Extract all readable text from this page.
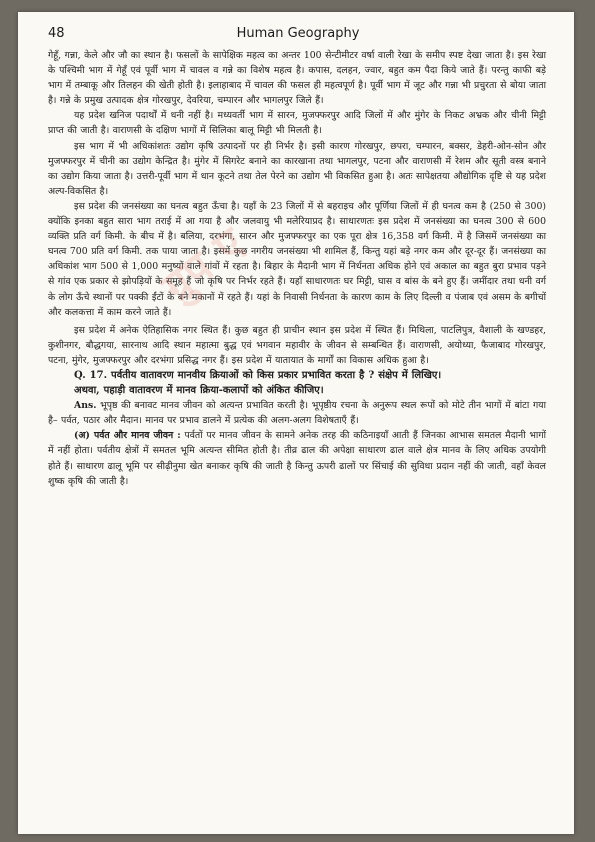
48	Human Geography

गेहूँ, गन्ना, केले और जौ का स्थान है। फसलों के सापेक्षिक महत्व का अन्तर 100 सेन्टीमीटर वर्षा वाली रेखा के समीप स्पष्ट देखा जाता है। इस रेखा के पश्चिमी भाग में गेहूँ एवं पूर्वी भाग में चावल व गन्ने का विशेष महत्व है। कपास, दलहन, ज्वार, बहुत कम पैदा किये जाते हैं। परन्तु काफी बड़े भाग में तम्बाकू और तिलहन की खेती होती है। इलाहाबाद में चावल की फसल ही महत्वपूर्ण है। पूर्वी भाग में जूट और गन्ना भी प्रचुरता से बोया जाता है। गन्ने के प्रमुख उत्पादक क्षेत्र गोरखपुर, देवरिया, चम्पारन और भागलपुर जिले हैं।

यह प्रदेश खनिज पदार्थों में धनी नहीं है। मध्यवर्ती भाग में सारन, मुजफ्फरपुर आदि जिलों में और मुंगेर के निकट अभ्रक और चीनी मिट्टी प्राप्त की जाती है। वाराणसी के दक्षिण भागों में सिलिका बालू मिट्टी भी मिलती है।

इस भाग में भी अधिकांशतः उद्योग कृषि उत्पादनों पर ही निर्भर है। इसी कारण गोरखपुर, छपरा, चम्पारन, बक्सर, डेहरी-ओन-सोन और मुजफ्फरपुर में चीनी का उद्योग केन्द्रित है। मुंगेर में सिगरेट बनाने का कारखाना तथा भागलपुर, पटना और वाराणसी में रेशम और सूती वस्त्र बनाने का उद्योग किया जाता है। उत्तरी-पूर्वी भाग में धान कूटने तथा तेल पेरने का उद्योग भी विकसित हुआ है। अतः सापेक्षतया औद्योगिक दृष्टि से यह प्रदेश अल्प-विकसित है।

इस प्रदेश की जनसंख्या का घनत्व बहुत ऊँचा है। यहाँ के 23 जिलों में से बहराइच और पूर्णिया जिलों में ही घनत्व कम है (250 से 300) क्योंकि इनका बहुत सारा भाग तराई में आ गया है और जलवायु भी मलेरियाप्रद है। साधारणतः इस प्रदेश में जनसंख्या का घनत्व 300 से 600 व्यक्ति प्रति वर्ग किमी. के बीच में है। बलिया, दरभंगा, सारन और मुजफ्फरपुर का एक पूरा क्षेत्र 16,358 वर्ग किमी. में है जिसमें जनसंख्या का घनत्व 700 प्रति वर्ग किमी. तक पाया जाता है। इसमें कुछ नगरीय जनसंख्या भी शामिल हैं, किन्तु यहां बड़े नगर कम और दूर-दूर हैं। जनसंख्या का अधिकांश भाग 500 से 1,000 मनुष्यों वाले गांवों में रहता है। बिहार के मैदानी भाग में निर्धनता अधिक होने एवं अकाल का बहुत बुरा प्रभाव पड़ने से गांव एक प्रकार से झोपड़ियों के समूह हैं जो कृषि पर निर्भर रहते हैं। यहाँ साधारणतः घर मिट्टी, घास व बांस के बने हुए हैं। जमींदार तथा धनी वर्ग के लोग ऊँचे स्थानों पर पक्की ईंटों के बने मकानों में रहते हैं। यहां के निवासी निर्धनता के कारण काम के लिए दिल्ली व पंजाब एवं असम के बगीचों और कलकत्ता में काम करने जाते हैं।

इस प्रदेश में अनेक ऐतिहासिक नगर स्थित हैं। कुछ बहुत ही प्राचीन स्थान इस प्रदेश में स्थित हैं। मिथिला, पाटलिपुत्र, वैशाली के खण्डहर, कुशीनगर, बौद्धगया, सारनाथ आदि स्थान महात्मा बुद्ध एवं भगवान महावीर के जीवन से सम्बन्धित हैं। वाराणसी, अयोध्या, फैजाबाद गोरखपुर, पटना, मुंगेर, मुजफ्फरपुर और दरभंगा प्रसिद्ध नगर हैं। इस प्रदेश में यातायात के मार्गों का विकास अधिक हुआ है।

Q. 17. पर्वतीय वातावरण मानवीय क्रियाओं को किस प्रकार प्रभावित करता है ? संक्षेप में लिखिए।

अथवा, पहाड़ी वातावरण में मानव क्रिया-कलापों को अंकित कीजिए।

Ans. भूपृष्ठ की बनावट मानव जीवन को अत्यन्त प्रभावित करती है। भूपृष्ठीय रचना के अनुरूप स्थल रूपों को मोटे तीन भागों में बांटा गया है– पर्वत, पठार और मैदान। मानव पर प्रभाव डालने में प्रत्येक की अलग-अलग विशेषताएँ हैं।

(अ) पर्वत और मानव जीवन : पर्वतों पर मानव जीवन के सामने अनेक तरह की कठिनाइयाँ आती हैं जिनका आभास समतल मैदानी भागों में नहीं होता। पर्वतीय क्षेत्रों में समतल भूमि अत्यन्त सीमित होती है। तीव्र ढाल की अपेक्षा साधारण ढाल वाले क्षेत्र मानव के लिए अधिक उपयोगी होते हैं। साधारण ढालू भूमि पर सीढ़ीनुमा खेत बनाकर कृषि की जाती है किन्तु ऊपरी ढालों पर सिंचाई की सुविधा प्रदान नहीं की जाती, वहाँ केवल शुष्क कृषि की जाती है।

ग्रुप ए
